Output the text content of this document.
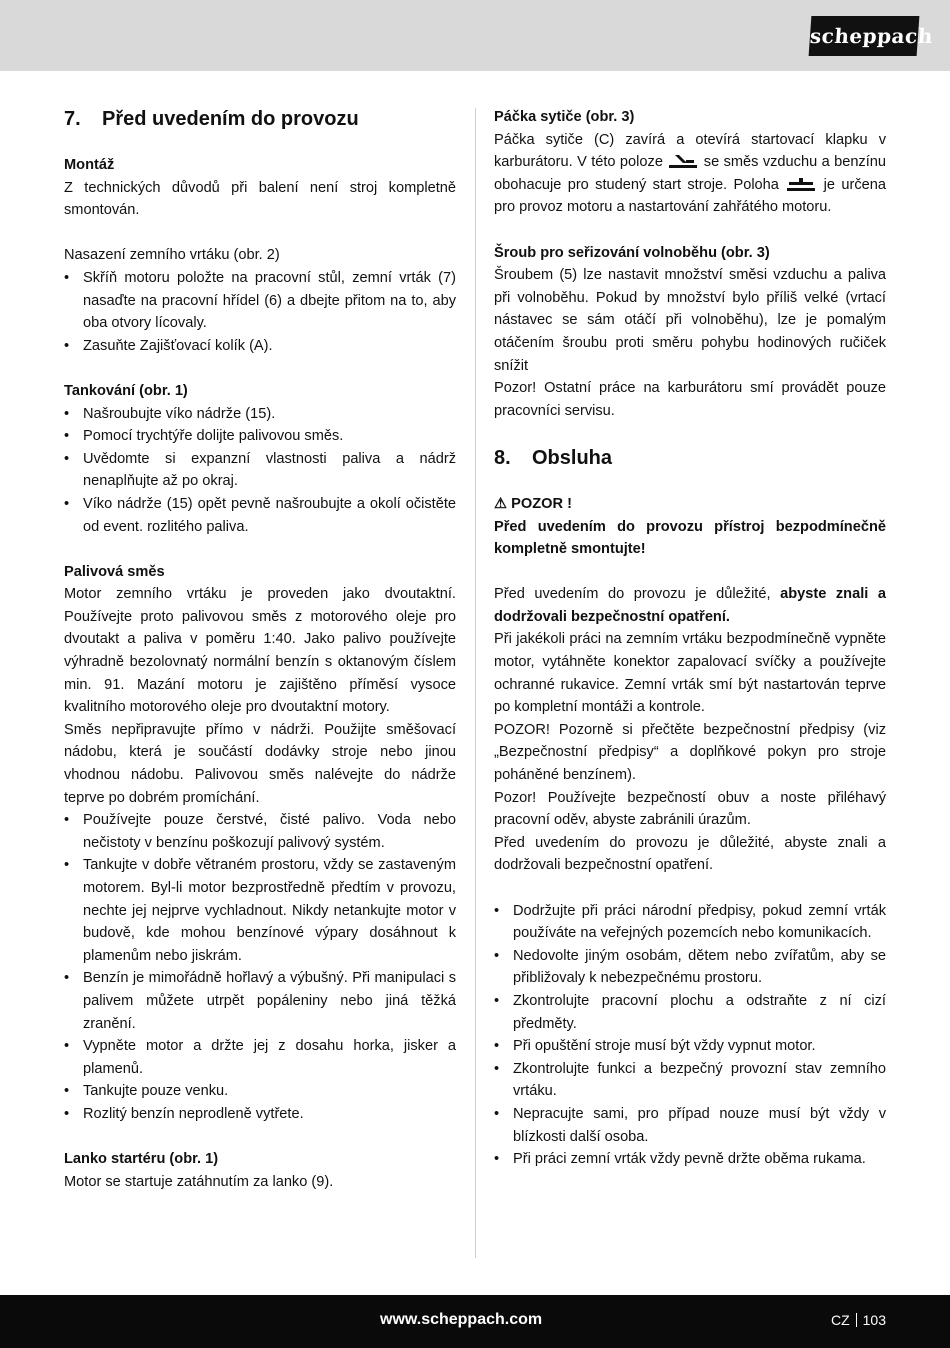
scheppach
7.	Před uvedením do provozu

Montáž

Z technických důvodů při balení není stroj kompletně smontován.

Nasazení zemního vrtáku (obr. 2)

• Skříň motoru položte na pracovní stůl, zemní vrták (7) nasaďte na pracovní hřídel (6) a dbejte přitom na to, aby oba otvory lícovaly.
• Zasuňte Zajišťovací kolík (A).

Tankování (obr. 1)

• Našroubujte víko nádrže (15).
• Pomocí trychtýře dolijte palivovou směs.
• Uvědomte si expanzní vlastnosti paliva a nádrž nenaplňujte až po okraj.
• Víko nádrže (15) opět pevně našroubujte a okolí očistěte od event. rozlitého paliva.

Palivová směs

Motor zemního vrtáku je proveden jako dvoutaktní. Používejte proto palivovou směs z motorového oleje pro dvoutakt a paliva v poměru 1:40. Jako palivo používejte výhradně bezolovnatý normální benzín s oktanovým číslem min. 91. Mazání motoru je zajištěno příměsí vysoce kvalitního motorového oleje pro dvoutaktní motory.

Směs nepřipravujte přímo v nádrži. Použijte směšovací nádobu, která je součástí dodávky stroje nebo jinou vhodnou nádobu. Palivovou směs nalévejte do nádrže teprve po dobrém promíchání.

• Používejte pouze čerstvé, čisté palivo. Voda nebo nečistoty v benzínu poškozují palivový systém.
• Tankujte v dobře větraném prostoru, vždy se zastaveným motorem. Byl-li motor bezprostředně předtím v provozu, nechte jej nejprve vychladnout. Nikdy netankujte motor v budově, kde mohou benzínové výpary dosáhnout k plamenům nebo jiskrám.
• Benzín je mimořádně hořlavý a výbušný. Při manipulaci s palivem můžete utrpět popáleniny nebo jiná těžká zranění.
• Vypněte motor a držte jej z dosahu horka, jisker a plamenů.
• Tankujte pouze venku.
• Rozlitý benzín neprodleně vytřete.

Lanko startéru (obr. 1)

Motor se startuje zatáhnutím za lanko (9).

Páčka sytiče (obr. 3)

Páčka sytiče (C) zavírá a otevírá startovací klapku v karburátoru. V této poloze	se směs vzduchu a benzínu obohacuje pro studený start stroje. Poloha	je určena pro provoz motoru a nastartování zahřátého motoru.

Šroub pro seřizování volnoběhu (obr. 3)

Šroubem (5) lze nastavit množství směsi vzduchu a paliva při volnoběhu. Pokud by množství bylo příliš velké (vrtací nástavec se sám otáčí při volnoběhu), lze je pomalým otáčením šroubu proti směru pohybu hodinových ručiček snížit

Pozor! Ostatní práce na karburátoru smí provádět pouze pracovníci servisu.

8.	Obsluha

⚠ POZOR !

Před uvedením do provozu přístroj bezpodmínečně kompletně smontujte!

Před uvedením do provozu je důležité, abyste znali a dodržovali bezpečnostní opatření.

Při jakékoli práci na zemním vrtáku bezpodmínečně vypněte motor, vytáhněte konektor zapalovací svíčky a používejte ochranné rukavice. Zemní vrták smí být nastartován teprve po kompletní montáži a kontrole.

POZOR! Pozorně si přečtěte bezpečnostní předpisy (viz „Bezpečnostní předpisy“ a doplňkové pokyn pro stroje poháněné benzínem).

Pozor! Používejte bezpečností obuv a noste přiléhavý pracovní oděv, abyste zabránili úrazům.

Před uvedením do provozu je důležité, abyste znali a dodržovali bezpečnostní opatření.

• Dodržujte při práci národní předpisy, pokud zemní vrták používáte na veřejných pozemcích nebo komunikacích.
• Nedovolte jiným osobám, dětem nebo zvířatům, aby se přibližovaly k nebezpečnému prostoru.
• Zkontrolujte pracovní plochu a odstraňte z ní cizí předměty.
• Při opuštění stroje musí být vždy vypnut motor.
• Zkontrolujte funkci a bezpečný provozní stav zemního vrtáku.
• Nepracujte sami, pro případ nouze musí být vždy v blízkosti další osoba.
• Při práci zemní vrták vždy pevně držte oběma rukama.
www.scheppach.com	CZ 103
